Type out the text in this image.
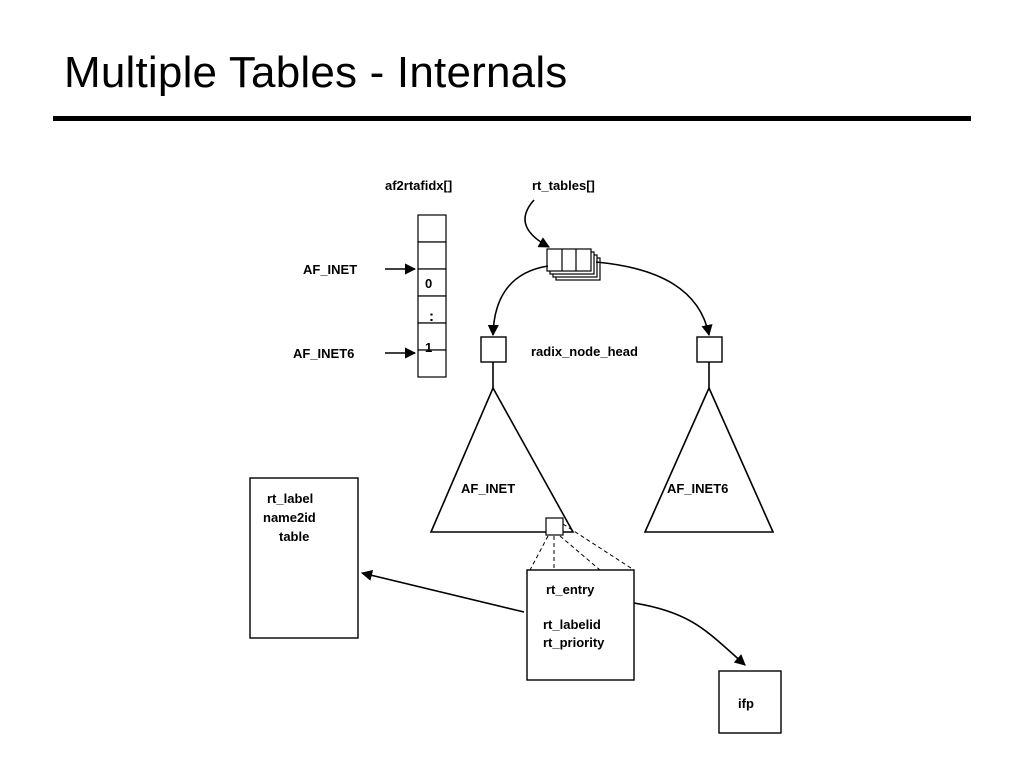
Multiple Tables - Internals
af2rtafidx[]
0
1
:
AF_INET
AF_INET6
rt_tables[]
radix_node_head
AF_INET	AF_INET6
rt_label
name2id
table
rt_entry
rt_labelid
rt_priority
ifp
